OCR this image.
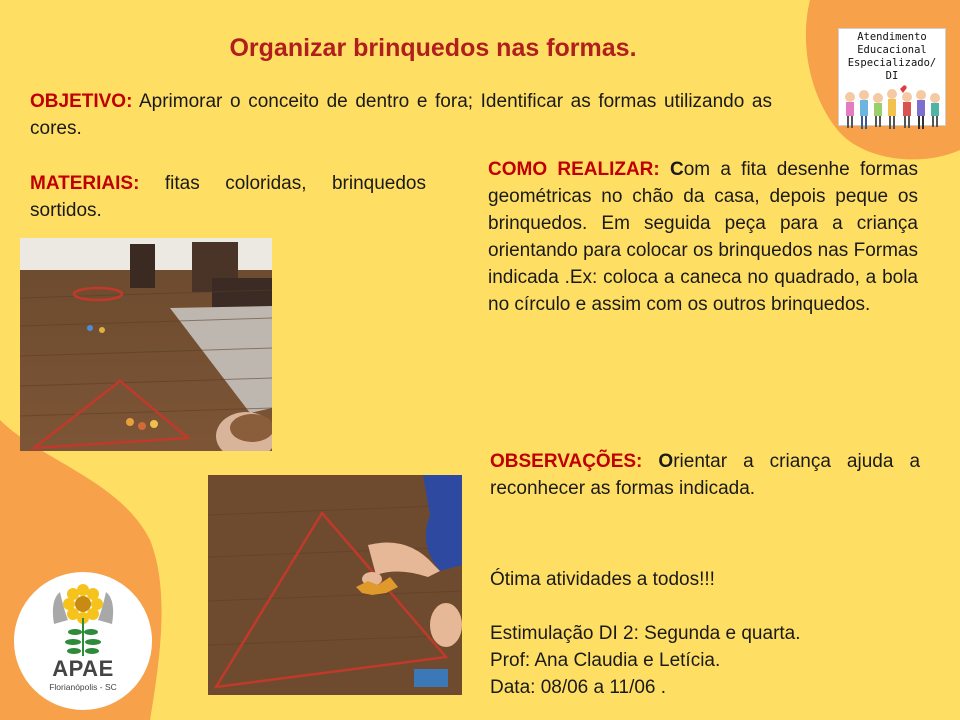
Organizar brinquedos nas formas.	Atendimento
Educacional
Especializado/ DI

OBJETIVO: Aprimorar o conceito de dentro e fora; Identificar as formas utilizando as cores.

MATERIAIS: fitas coloridas, brinquedos sortidos.

COMO REALIZAR: Com a fita desenhe formas geométricas no chão da casa, depois peque os brinquedos. Em seguida peça para a criança orientando para colocar os brinquedos nas Formas indicada .Ex: coloca a caneca no quadrado, a bola no círculo e assim com os outros brinquedos.

OBSERVAÇÕES: Orientar a criança ajuda a reconhecer as formas indicada.

APAE
Florianópolis - SC

Ótima atividades a todos!!!

Estimulação DI 2: Segunda e quarta.

Prof: Ana Claudia e Letícia.

Data: 08/06 a 11/06 .
